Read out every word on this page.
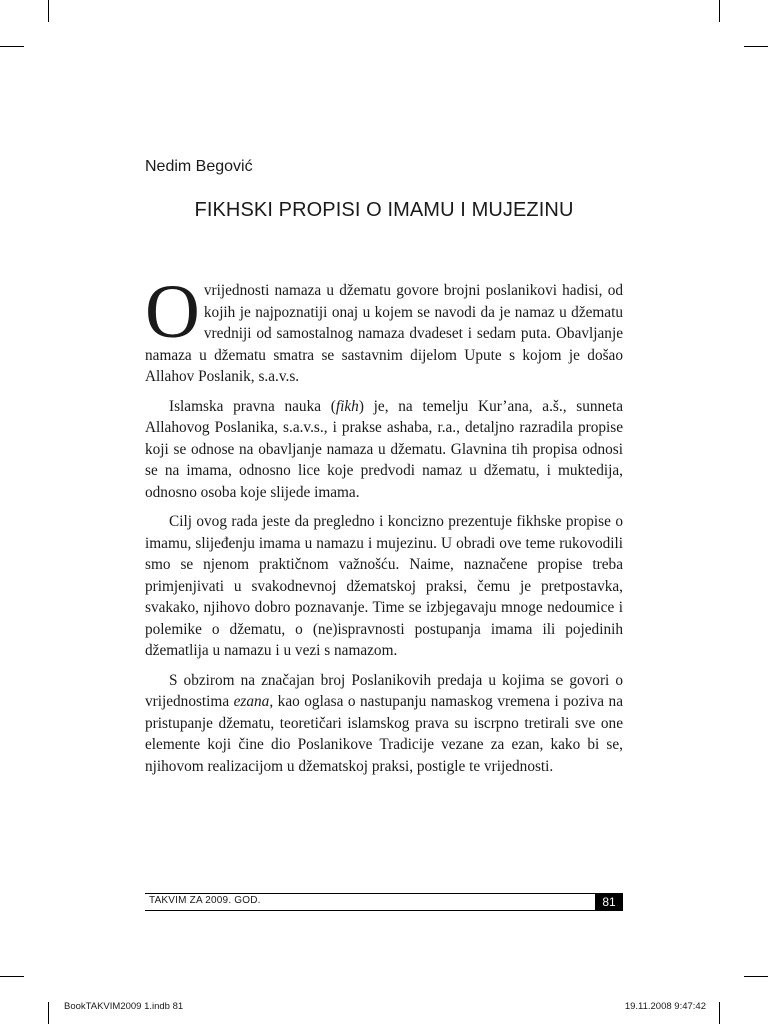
Nedim Begović
FIKHSKI PROPISI O IMAMU I MUJEZINU

O vrijednosti namaza u džematu govore brojni poslanikovi hadisi, od kojih je najpoznatiji onaj u kojem se navodi da je namaz u džematu vredniji od samostalnog namaza dvadeset i sedam puta. Obavljanje namaza u džematu smatra se sastavnim dijelom Upute s kojom je došao Allahov Poslanik, s.a.v.s.

Islamska pravna nauka (fikh) je, na temelju Kur’ana, a.š., sunneta Allahovog Poslanika, s.a.v.s., i prakse ashaba, r.a., detaljno razradila propise koji se odnose na obavljanje namaza u džematu. Glavnina tih propisa odnosi se na imama, odnosno lice koje predvodi namaz u džematu, i muktedija, odnosno osoba koje slijede imama.

Cilj ovog rada jeste da pregledno i koncizno prezentuje fikhske propise o imamu, slijeđenju imama u namazu i mujezinu. U obradi ove teme rukovodili smo se njenom praktičnom važnošću. Naime, naznačene propise treba primjenjivati u svakodnevnoj džematskoj praksi, čemu je pretpostavka, svakako, njihovo dobro poznavanje. Time se izbjegavaju mnoge nedoumice i polemike o džematu, o (ne)ispravnosti postupanja imama ili pojedinih džematlija u namazu i u vezi s namazom.

S obzirom na značajan broj Poslanikovih predaja u kojima se govori o vrijednostima ezana, kao oglasa o nastupanju namaskog vremena i poziva na pristupanje džematu, teoretičari islamskog prava su iscrpno tretirali sve one elemente koji čine dio Poslanikove Tradicije vezane za ezan, kako bi se, njihovom realizacijom u džematskoj praksi, postigle te vrijednosti.

TAKVIM ZA 2009. GOD.	81
BookTAKVIM2009 1.indb 81	19.11.2008 9:47:42
